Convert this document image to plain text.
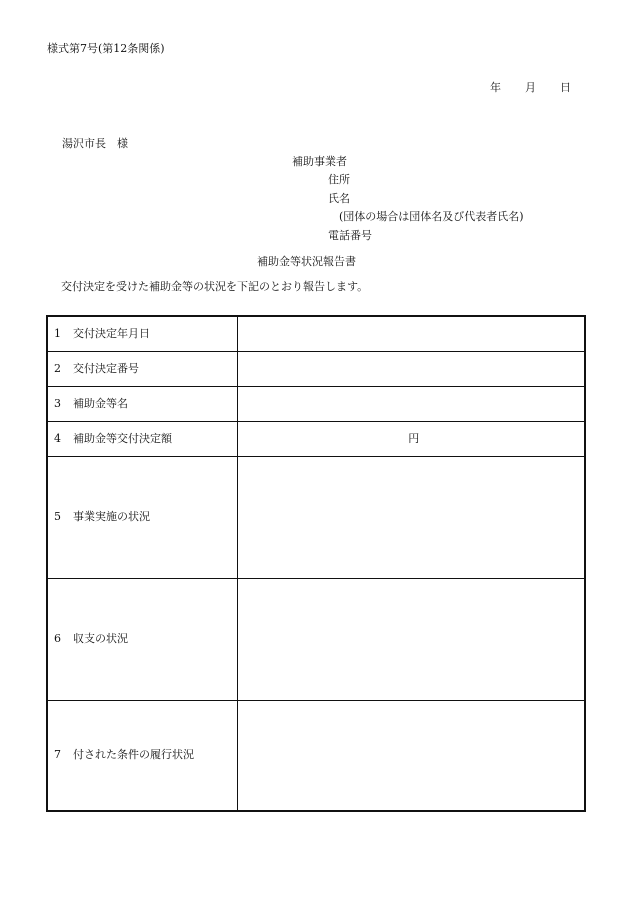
様式第7号(第12条関係)
年 月 日
湯沢市長　様
補助事業者
住所
氏名
(団体の場合は団体名及び代表者氏名)
電話番号
補助金等状況報告書
交付決定を受けた補助金等の状況を下記のとおり報告します。
1 交付決定年月日	
2 交付決定番号	
3 補助金等名	
4 補助金等交付決定額	円
5 事業実施の状況	
6 収支の状況	
7 付された条件の履行状況	
